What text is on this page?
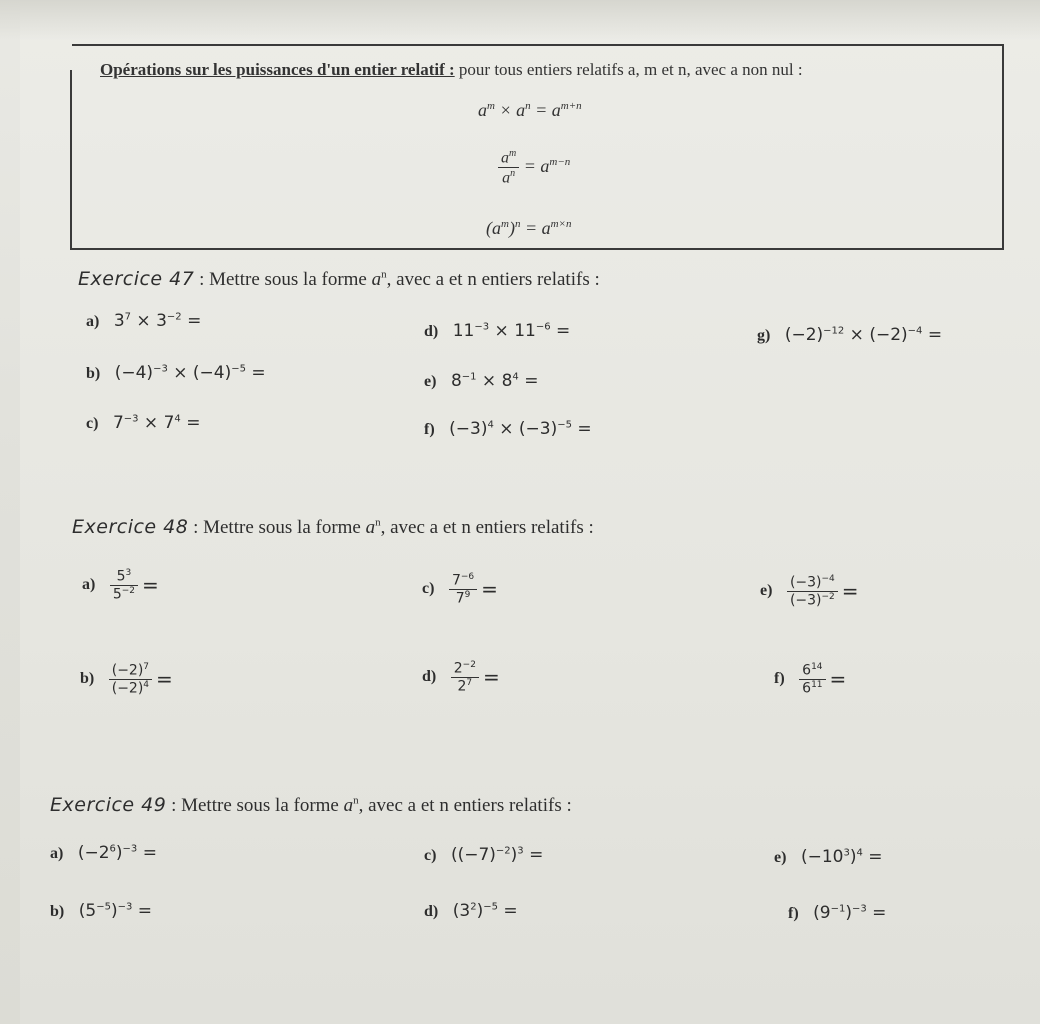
Opérations sur les puissances d'un entier relatif : pour tous entiers relatifs a, m et n, avec a non nul :
$a^m \times a^n = a^{m+n}$
$\frac{a^m}{a^n} = a^{m-n}$
$(a^m)^n = a^{m\times n}$
Exercice 47 : Mettre sous la forme $a^n$, avec a et n entiers relatifs :
a) $3^7 \times 3^{-2}$ =
b) $(-4)^{-3} \times (-4)^{-5}$ =
c) $7^{-3} \times 7^4$ =
d) $11^{-3} \times 11^{-6}$ =
e) $8^{-1} \times 8^4$ =
f) $(-3)^4 \times (-3)^{-5}$ =
g) $(-2)^{-12} \times (-2)^{-4}$ =
Exercice 48 : Mettre sous la forme $a^n$, avec a et n entiers relatifs :
$a) \frac{5^3}{5^{-2}}$ =
$b) \frac{(-2)^7}{(-2)^4}$ =
$c) \frac{7^{-6}}{7^9}$ =
$d) \frac{2^{-2}}{2^7}$ =
$e) \frac{(-3)^{-4}}{(-3)^{-2}}$ =
$f) \frac{6^{14}}{6^{11}}$ =
Exercice 49 : Mettre sous la forme $a^n$, avec a et n entiers relatifs :
a) $(-2^6)^{-3}$ =
b) $(5^{-5})^{-3}$ =
c) $((-7)^{-2})^3$ =
d) $(3^2)^{-5}$ =
e) $(-10^3)^4$ =
f) $(9^{-1})^{-3}$ =
